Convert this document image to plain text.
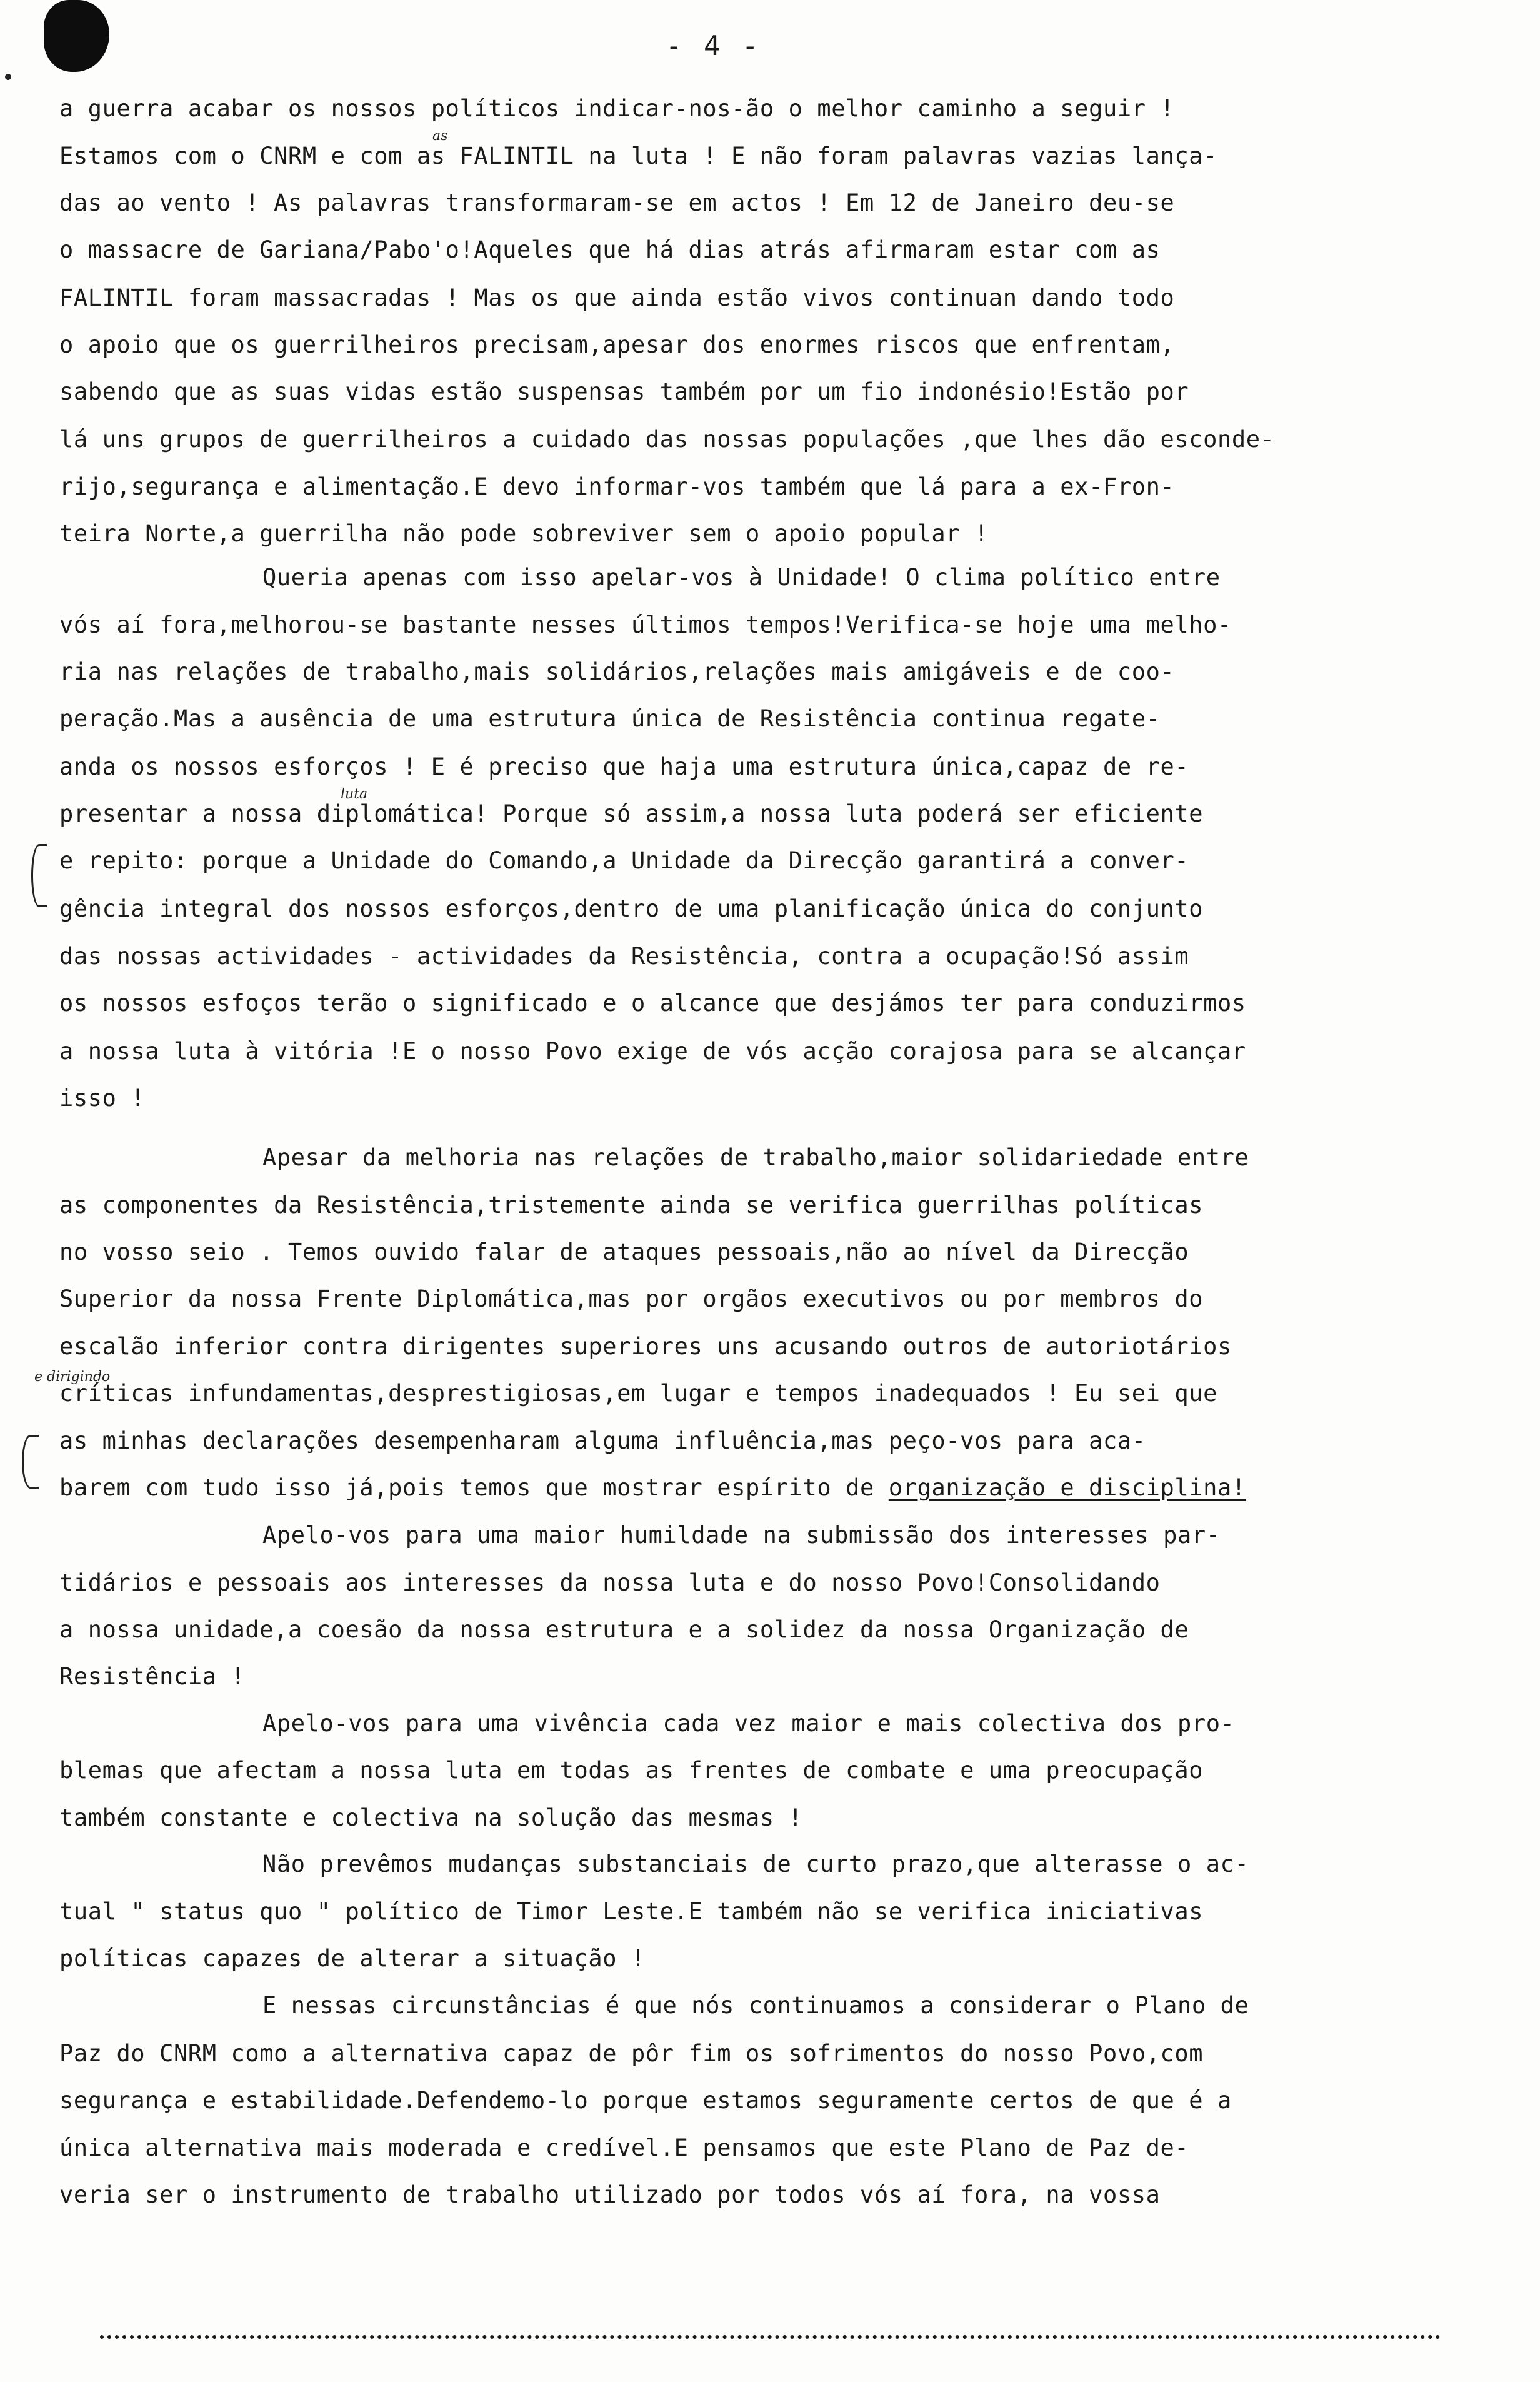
- 4 -
a guerra acabar os nossos políticos indicar-nos-ão o melhor caminho a seguir !
Estamos com o CNRM e com as FALINTIL na luta ! E não foram palavras vazias lança-
das ao vento ! As palavras transformaram-se em actos ! Em 12 de Janeiro deu-se
o massacre de Gariana/Pabo'o!Aqueles que há dias atrás afirmaram estar com as
FALINTIL foram massacradas ! Mas os que ainda estão vivos continuan dando todo
o apoio que os guerrilheiros precisam,apesar dos enormes riscos que enfrentam,
sabendo que as suas vidas estão suspensas também por um fio indonésio!Estão por
lá uns grupos de guerrilheiros a cuidado das nossas populações ,que lhes dão esconde-
rijo,segurança e alimentação.E devo informar-vos também que lá para a ex-Fron-
teira Norte,a guerrilha não pode sobreviver sem o apoio popular !
Queria apenas com isso apelar-vos à Unidade! O clima político entre
vós aí fora,melhorou-se bastante nesses últimos tempos!Verifica-se hoje uma melho-
ria nas relações de trabalho,mais solidários,relações mais amigáveis e de coo-
peração.Mas a ausência de uma estrutura única de Resistência continua regate-
anda os nossos esforços ! E é preciso que haja uma estrutura única,capaz de re-
presentar a nossa diplomática! Porque só assim,a nossa luta poderá ser eficiente
e repito: porque a Unidade do Comando,a Unidade da Direcção garantirá a conver-
gência integral dos nossos esforços,dentro de uma planificação única do conjunto
das nossas actividades - actividades da Resistência, contra a ocupação!Só assim
os nossos esfoços terão o significado e o alcance que desjámos ter para conduzirmos
a nossa luta à vitória !E o nosso Povo exige de vós acção corajosa para se alcançar
isso !
Apesar da melhoria nas relações de trabalho,maior solidariedade entre
as componentes da Resistência,tristemente ainda se verifica guerrilhas políticas
no vosso seio . Temos ouvido falar de ataques pessoais,não ao nível da Direcção
Superior da nossa Frente Diplomática,mas por orgãos executivos ou por membros do
escalão inferior contra dirigentes superiores uns acusando outros de autoriotários
críticas infundamentas,desprestigiosas,em lugar e tempos inadequados ! Eu sei que
as minhas declarações desempenharam alguma influência,mas peço-vos para aca-
barem com tudo isso já,pois temos que mostrar espírito de organização e disciplina!
Apelo-vos para uma maior humildade na submissão dos interesses par-
tidários e pessoais aos interesses da nossa luta e do nosso Povo!Consolidando
a nossa unidade,a coesão da nossa estrutura e a solidez da nossa Organização de
Resistência !
Apelo-vos para uma vivência cada vez maior e mais colectiva dos pro-
blemas que afectam a nossa luta em todas as frentes de combate e uma preocupação
também constante e colectiva na solução das mesmas !
Não prevêmos mudanças substanciais de curto prazo,que alterasse o ac-
tual " status quo " político de Timor Leste.E também não se verifica iniciativas
políticas capazes de alterar a situação !
E nessas circunstâncias é que nós continuamos a considerar o Plano de
Paz do CNRM como a alternativa capaz de pôr fim os sofrimentos do nosso Povo,com
segurança e estabilidade.Defendemo-lo porque estamos seguramente certos de que é a
única alternativa mais moderada e credível.E pensamos que este Plano de Paz de-
veria ser o instrumento de trabalho utilizado por todos vós aí fora, na vossa
as
luta
e dirigindo
